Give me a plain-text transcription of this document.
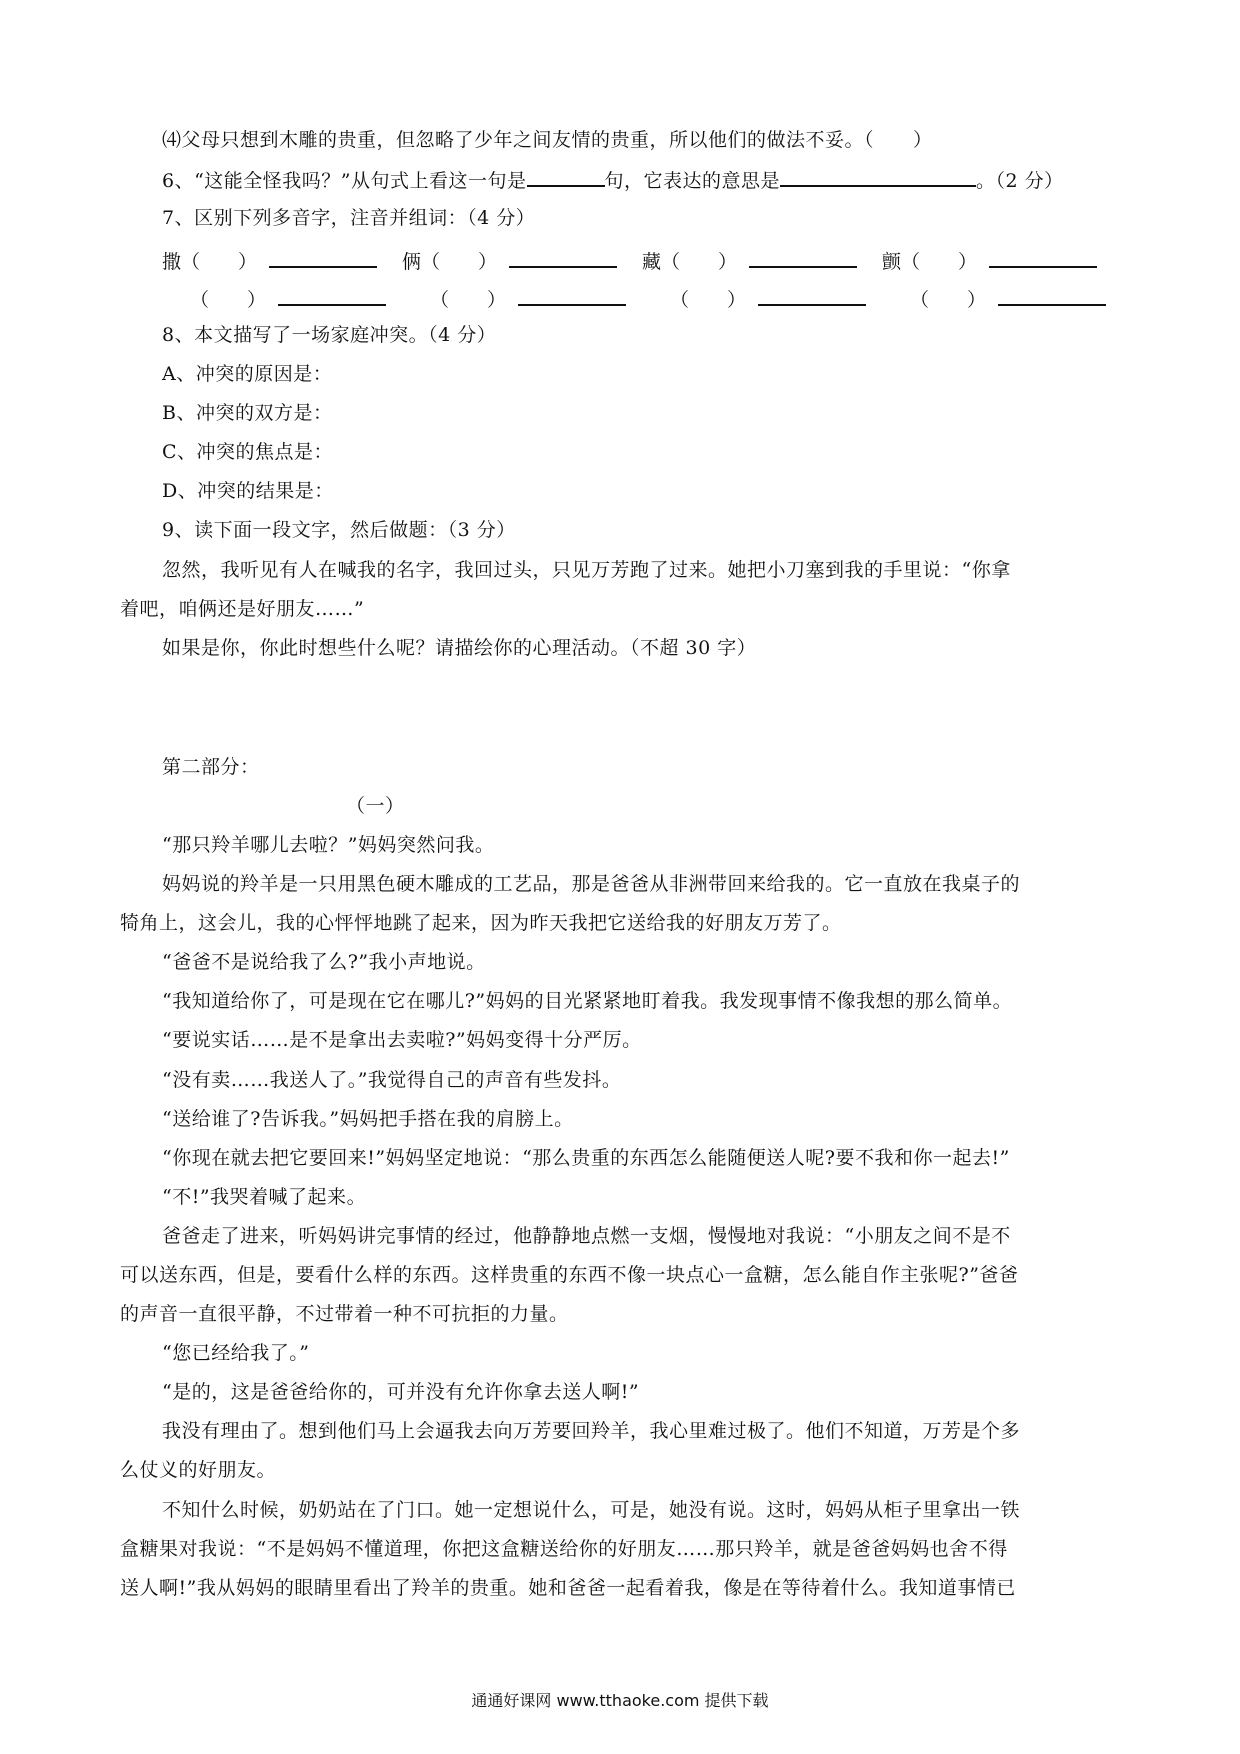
⑷父母只想到木雕的贵重，但忽略了少年之间友情的贵重，所以他们的做法不妥。（　　）
6、“这能全怪我吗？”从句式上看这一句是	句，它表达的意思是	。（2 分）
7、区别下列多音字，注音并组词：（4 分）
撒（　　）	俩（　　）	藏（　　）	颤（　　）
（　　）	（　　）	（　　）	（　　）
8、本文描写了一场家庭冲突。（4 分）
A、冲突的原因是：
B、冲突的双方是：
C、冲突的焦点是：
D、冲突的结果是：
9、读下面一段文字，然后做题：（3 分）
忽然，我听见有人在喊我的名字，我回过头，只见万芳跑了过来。她把小刀塞到我的手里说：“你拿
着吧，咱俩还是好朋友……”
如果是你，你此时想些什么呢？请描绘你的心理活动。（不超 30 字）
第二部分：
（一）
“那只羚羊哪儿去啦？”妈妈突然问我。
妈妈说的羚羊是一只用黑色硬木雕成的工艺品，那是爸爸从非洲带回来给我的。它一直放在我桌子的
犄角上，这会儿，我的心怦怦地跳了起来，因为昨天我把它送给我的好朋友万芳了。
“爸爸不是说给我了么?”我小声地说。
“我知道给你了，可是现在它在哪儿?”妈妈的目光紧紧地盯着我。我发现事情不像我想的那么简单。
“要说实话……是不是拿出去卖啦?”妈妈变得十分严厉。
“没有卖……我送人了。”我觉得自己的声音有些发抖。
“送给谁了?告诉我。”妈妈把手搭在我的肩膀上。
“你现在就去把它要回来!”妈妈坚定地说：“那么贵重的东西怎么能随便送人呢?要不我和你一起去!”
“不!”我哭着喊了起来。
爸爸走了进来，听妈妈讲完事情的经过，他静静地点燃一支烟，慢慢地对我说：“小朋友之间不是不
可以送东西，但是，要看什么样的东西。这样贵重的东西不像一块点心一盒糖，怎么能自作主张呢?”爸爸
的声音一直很平静，不过带着一种不可抗拒的力量。
“您已经给我了。”
“是的，这是爸爸给你的，可并没有允许你拿去送人啊!”
我没有理由了。想到他们马上会逼我去向万芳要回羚羊，我心里难过极了。他们不知道，万芳是个多
么仗义的好朋友。
不知什么时候，奶奶站在了门口。她一定想说什么，可是，她没有说。这时，妈妈从柜子里拿出一铁
盒糖果对我说：“不是妈妈不懂道理，你把这盒糖送给你的好朋友……那只羚羊，就是爸爸妈妈也舍不得
送人啊!”我从妈妈的眼睛里看出了羚羊的贵重。她和爸爸一起看着我，像是在等待着什么。我知道事情已
通通好课网 www.tthaoke.com 提供下载
